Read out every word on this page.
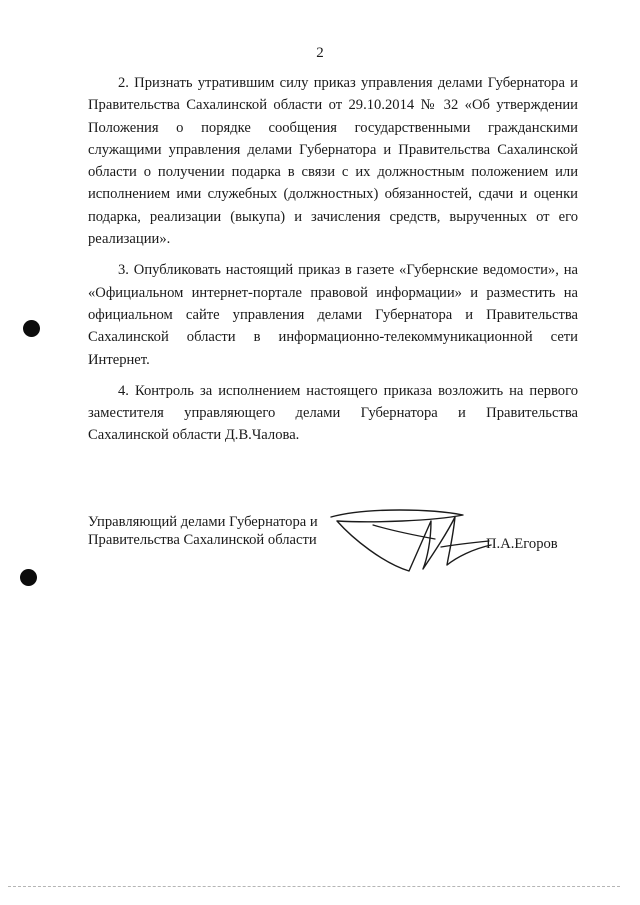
2

2. Признать утратившим силу приказ управления делами Губернатора и Правительства Сахалинской области от 29.10.2014 № 32 «Об утверждении Положения о порядке сообщения государственными гражданскими служащими управления делами Губернатора и Правительства Сахалинской области о получении подарка в связи с их должностным положением или исполнением ими служебных (должностных) обязанностей, сдачи и оценки подарка, реализации (выкупа) и зачисления средств, вырученных от его реализации».

3. Опубликовать настоящий приказ в газете «Губернские ведомости», на «Официальном интернет-портале правовой информации» и разместить на официальном сайте управления делами Губернатора и Правительства Сахалинской области в информационно-телекоммуникационной сети Интернет.

4. Контроль за исполнением настоящего приказа возложить на первого заместителя управляющего делами Губернатора и Правительства Сахалинской области Д.В.Чалова.

Управляющий делами Губернатора и
Правительства Сахалинской области	П.А.Егоров
